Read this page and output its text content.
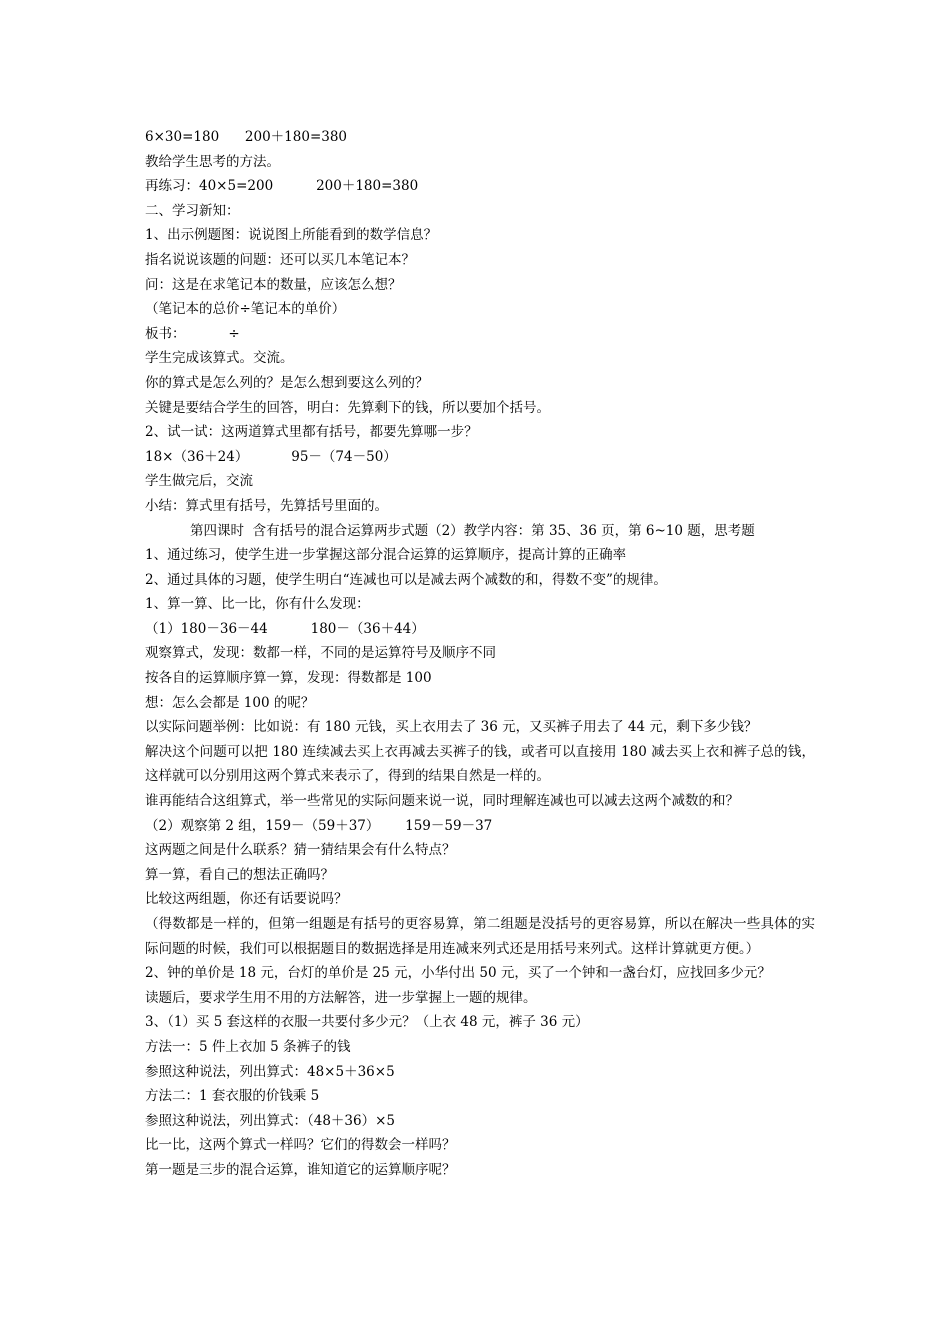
6×30=180      200＋180=380
教给学生思考的方法。
再练习：40×5=200          200＋180=380
二、学习新知：
1、出示例题图：说说图上所能看到的数学信息？
指名说说该题的问题：还可以买几本笔记本？
问：这是在求笔记本的数量，应该怎么想？
（笔记本的总价÷笔记本的单价）
板书：          ÷
学生完成该算式。交流。
你的算式是怎么列的？是怎么想到要这么列的？
关键是要结合学生的回答，明白：先算剩下的钱，所以要加个括号。
2、试一试：这两道算式里都有括号，都要先算哪一步？
18×（36＋24）          95－（74－50）
学生做完后，交流
小结：算式里有括号，先算括号里面的。
第四课时  含有括号的混合运算两步式题（2）教学内容：第 35、36 页，第 6~10 题，思考题
1、通过练习，使学生进一步掌握这部分混合运算的运算顺序，提高计算的正确率
2、通过具体的习题，使学生明白“连减也可以是减去两个减数的和，得数不变”的规律。
1、算一算、比一比，你有什么发现：
（1）180－36－44          180－（36＋44）
观察算式，发现：数都一样，不同的是运算符号及顺序不同
按各自的运算顺序算一算，发现：得数都是 100
想：怎么会都是 100 的呢？
以实际问题举例：比如说：有 180 元钱，买上衣用去了 36 元，又买裤子用去了 44 元，剩下多少钱？
解决这个问题可以把 180 连续减去买上衣再减去买裤子的钱，或者可以直接用 180 减去买上衣和裤子总的钱，这样就可以分别用这两个算式来表示了，得到的结果自然是一样的。
谁再能结合这组算式，举一些常见的实际问题来说一说，同时理解连减也可以减去这两个减数的和？
（2）观察第 2 组，159－（59＋37）      159－59－37
这两题之间是什么联系？猜一猜结果会有什么特点？
算一算，看自己的想法正确吗？
比较这两组题，你还有话要说吗？
（得数都是一样的，但第一组题是有括号的更容易算，第二组题是没括号的更容易算，所以在解决一些具体的实际问题的时候，我们可以根据题目的数据选择是用连减来列式还是用括号来列式。这样计算就更方便。）
2、钟的单价是 18 元，台灯的单价是 25 元，小华付出 50 元，买了一个钟和一盏台灯，应找回多少元？
读题后，要求学生用不用的方法解答，进一步掌握上一题的规律。
3、（1）买 5 套这样的衣服一共要付多少元？（上衣 48 元，裤子 36 元）
方法一：5 件上衣加 5 条裤子的钱
参照这种说法，列出算式：48×5＋36×5
方法二：1 套衣服的价钱乘 5
参照这种说法，列出算式：（48＋36）×5
比一比，这两个算式一样吗？它们的得数会一样吗？
第一题是三步的混合运算，谁知道它的运算顺序呢？
